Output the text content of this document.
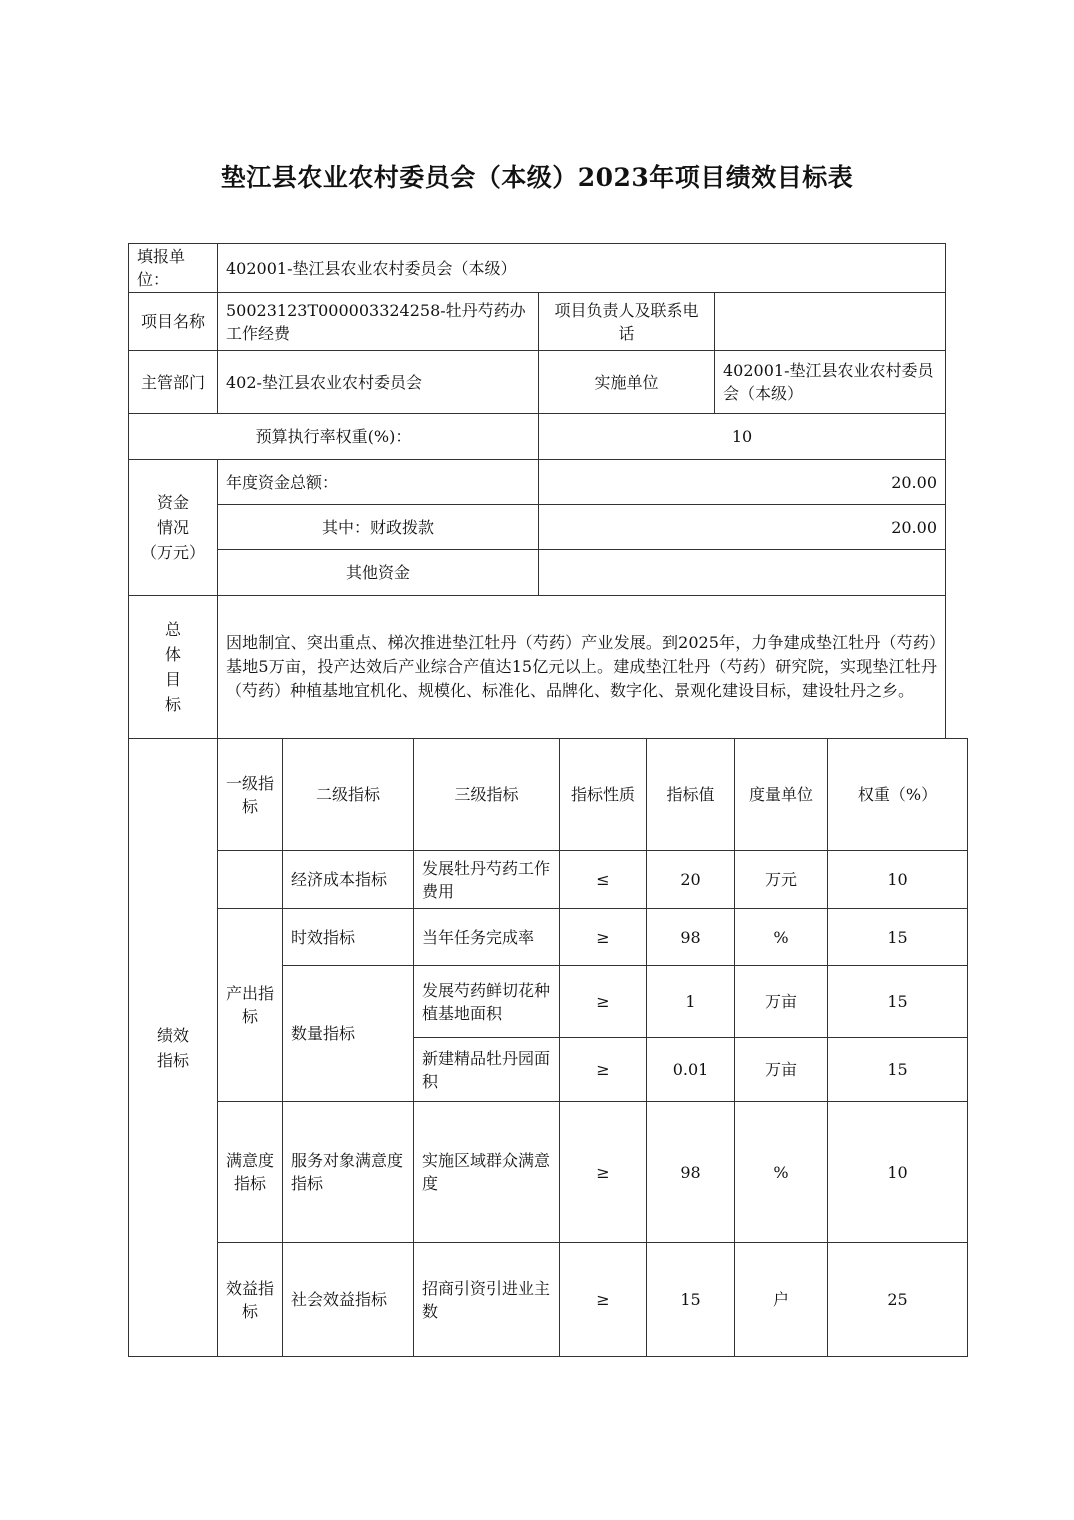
垫江县农业农村委员会（本级）2023年项目绩效目标表
填报单位：	402001-垫江县农业农村委员会（本级）		
项目名称	50023123T000003324258-牡丹芍药办工作经费	项目负责人及联系电话	
主管部门	402-垫江县农业农村委员会	实施单位	402001-垫江县农业农村委员会（本级）
预算执行率权重(%)：		10	

资金
情况
（万元）	年度资金总额：	20.00	
	其中：财政拨款	20.00	
	其他资金		

总
体
目
标	因地制宜、突出重点、梯次推进垫江牡丹（芍药）产业发展。到2025年，力争建成垫江牡丹（芍药）基地5万亩，投产达效后产业综合产值达15亿元以上。建成垫江牡丹（芍药）研究院，实现垫江牡丹（芍药）种植基地宜机化、规模化、标准化、品牌化、数字化、景观化建设目标，建设牡丹之乡。		
绩效指标	一级指标	二级指标	三级指标	指标性质	指标值	度量单位	权重（%）
		经济成本指标	发展牡丹芍药工作费用	≤	20	万元	10
	产出指标	时效指标	当年任务完成率	≥	98	%	15
		数量指标	发展芍药鲜切花种植基地面积	≥	1	万亩	15
			新建精品牡丹园面积	≥	0.01	万亩	15
	满意度指标	服务对象满意度指标	实施区域群众满意度	≥	98	%	10
	效益指标	社会效益指标	招商引资引进业主数	≥	15	户	25
